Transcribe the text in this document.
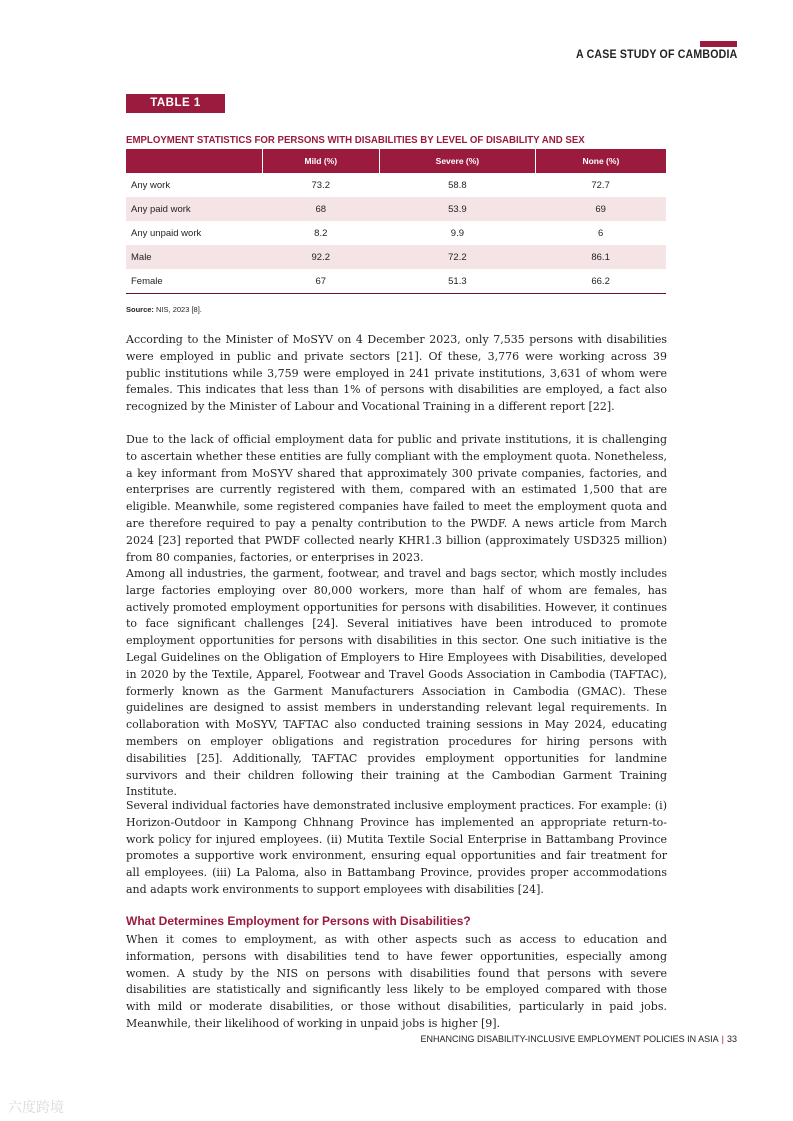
A CASE STUDY OF CAMBODIA
TABLE 1
EMPLOYMENT STATISTICS FOR PERSONS WITH DISABILITIES BY LEVEL OF DISABILITY AND SEX
	Mild (%)	Severe (%)	None (%)
Any work	73.2	58.8	72.7
Any paid work	68	53.9	69
Any unpaid work	8.2	9.9	6
Male	92.2	72.2	86.1
Female	67	51.3	66.2
Source: NIS, 2023 [8].

According to the Minister of MoSYV on 4 December 2023, only 7,535 persons with disabilities were employed in public and private sectors [21]. Of these, 3,776 were working across 39 public institutions while 3,759 were employed in 241 private institutions, 3,631 of whom were females. This indicates that less than 1% of persons with disabilities are employed, a fact also recognized by the Minister of Labour and Vocational Training in a different report [22].

Due to the lack of official employment data for public and private institutions, it is challenging to ascertain whether these entities are fully compliant with the employment quota. Nonetheless, a key informant from MoSYV shared that approximately 300 private companies, factories, and enterprises are currently registered with them, compared with an estimated 1,500 that are eligible. Meanwhile, some registered companies have failed to meet the employment quota and are therefore required to pay a penalty contribution to the PWDF. A news article from March 2024 [23] reported that PWDF collected nearly KHR1.3 billion (approximately USD325 million) from 80 companies, factories, or enterprises in 2023.

Among all industries, the garment, footwear, and travel and bags sector, which mostly includes large factories employing over 80,000 workers, more than half of whom are females, has actively promoted employment opportunities for persons with disabilities. However, it continues to face significant challenges [24]. Several initiatives have been introduced to promote employment opportunities for persons with disabilities in this sector. One such initiative is the Legal Guidelines on the Obligation of Employers to Hire Employees with Disabilities, developed in 2020 by the Textile, Apparel, Footwear and Travel Goods Association in Cambodia (TAFTAC), formerly known as the Garment Manufacturers Association in Cambodia (GMAC). These guidelines are designed to assist members in understanding relevant legal requirements. In collaboration with MoSYV, TAFTAC also conducted training sessions in May 2024, educating members on employer obligations and registration procedures for hiring persons with disabilities [25]. Additionally, TAFTAC provides employment opportunities for landmine survivors and their children following their training at the Cambodian Garment Training Institute.

Several individual factories have demonstrated inclusive employment practices. For example: (i) Horizon-Outdoor in Kampong Chhnang Province has implemented an appropriate return-to-work policy for injured employees. (ii) Mutita Textile Social Enterprise in Battambang Province promotes a supportive work environment, ensuring equal opportunities and fair treatment for all employees. (iii) La Paloma, also in Battambang Province, provides proper accommodations and adapts work environments to support employees with disabilities [24].

What Determines Employment for Persons with Disabilities?

When it comes to employment, as with other aspects such as access to education and information, persons with disabilities tend to have fewer opportunities, especially among women. A study by the NIS on persons with disabilities found that persons with severe disabilities are statistically and significantly less likely to be employed compared with those with mild or moderate disabilities, or those without disabilities, particularly in paid jobs. Meanwhile, their likelihood of working in unpaid jobs is higher [9].

ENHANCING DISABILITY-INCLUSIVE EMPLOYMENT POLICIES IN ASIA | 33
六度跨境
